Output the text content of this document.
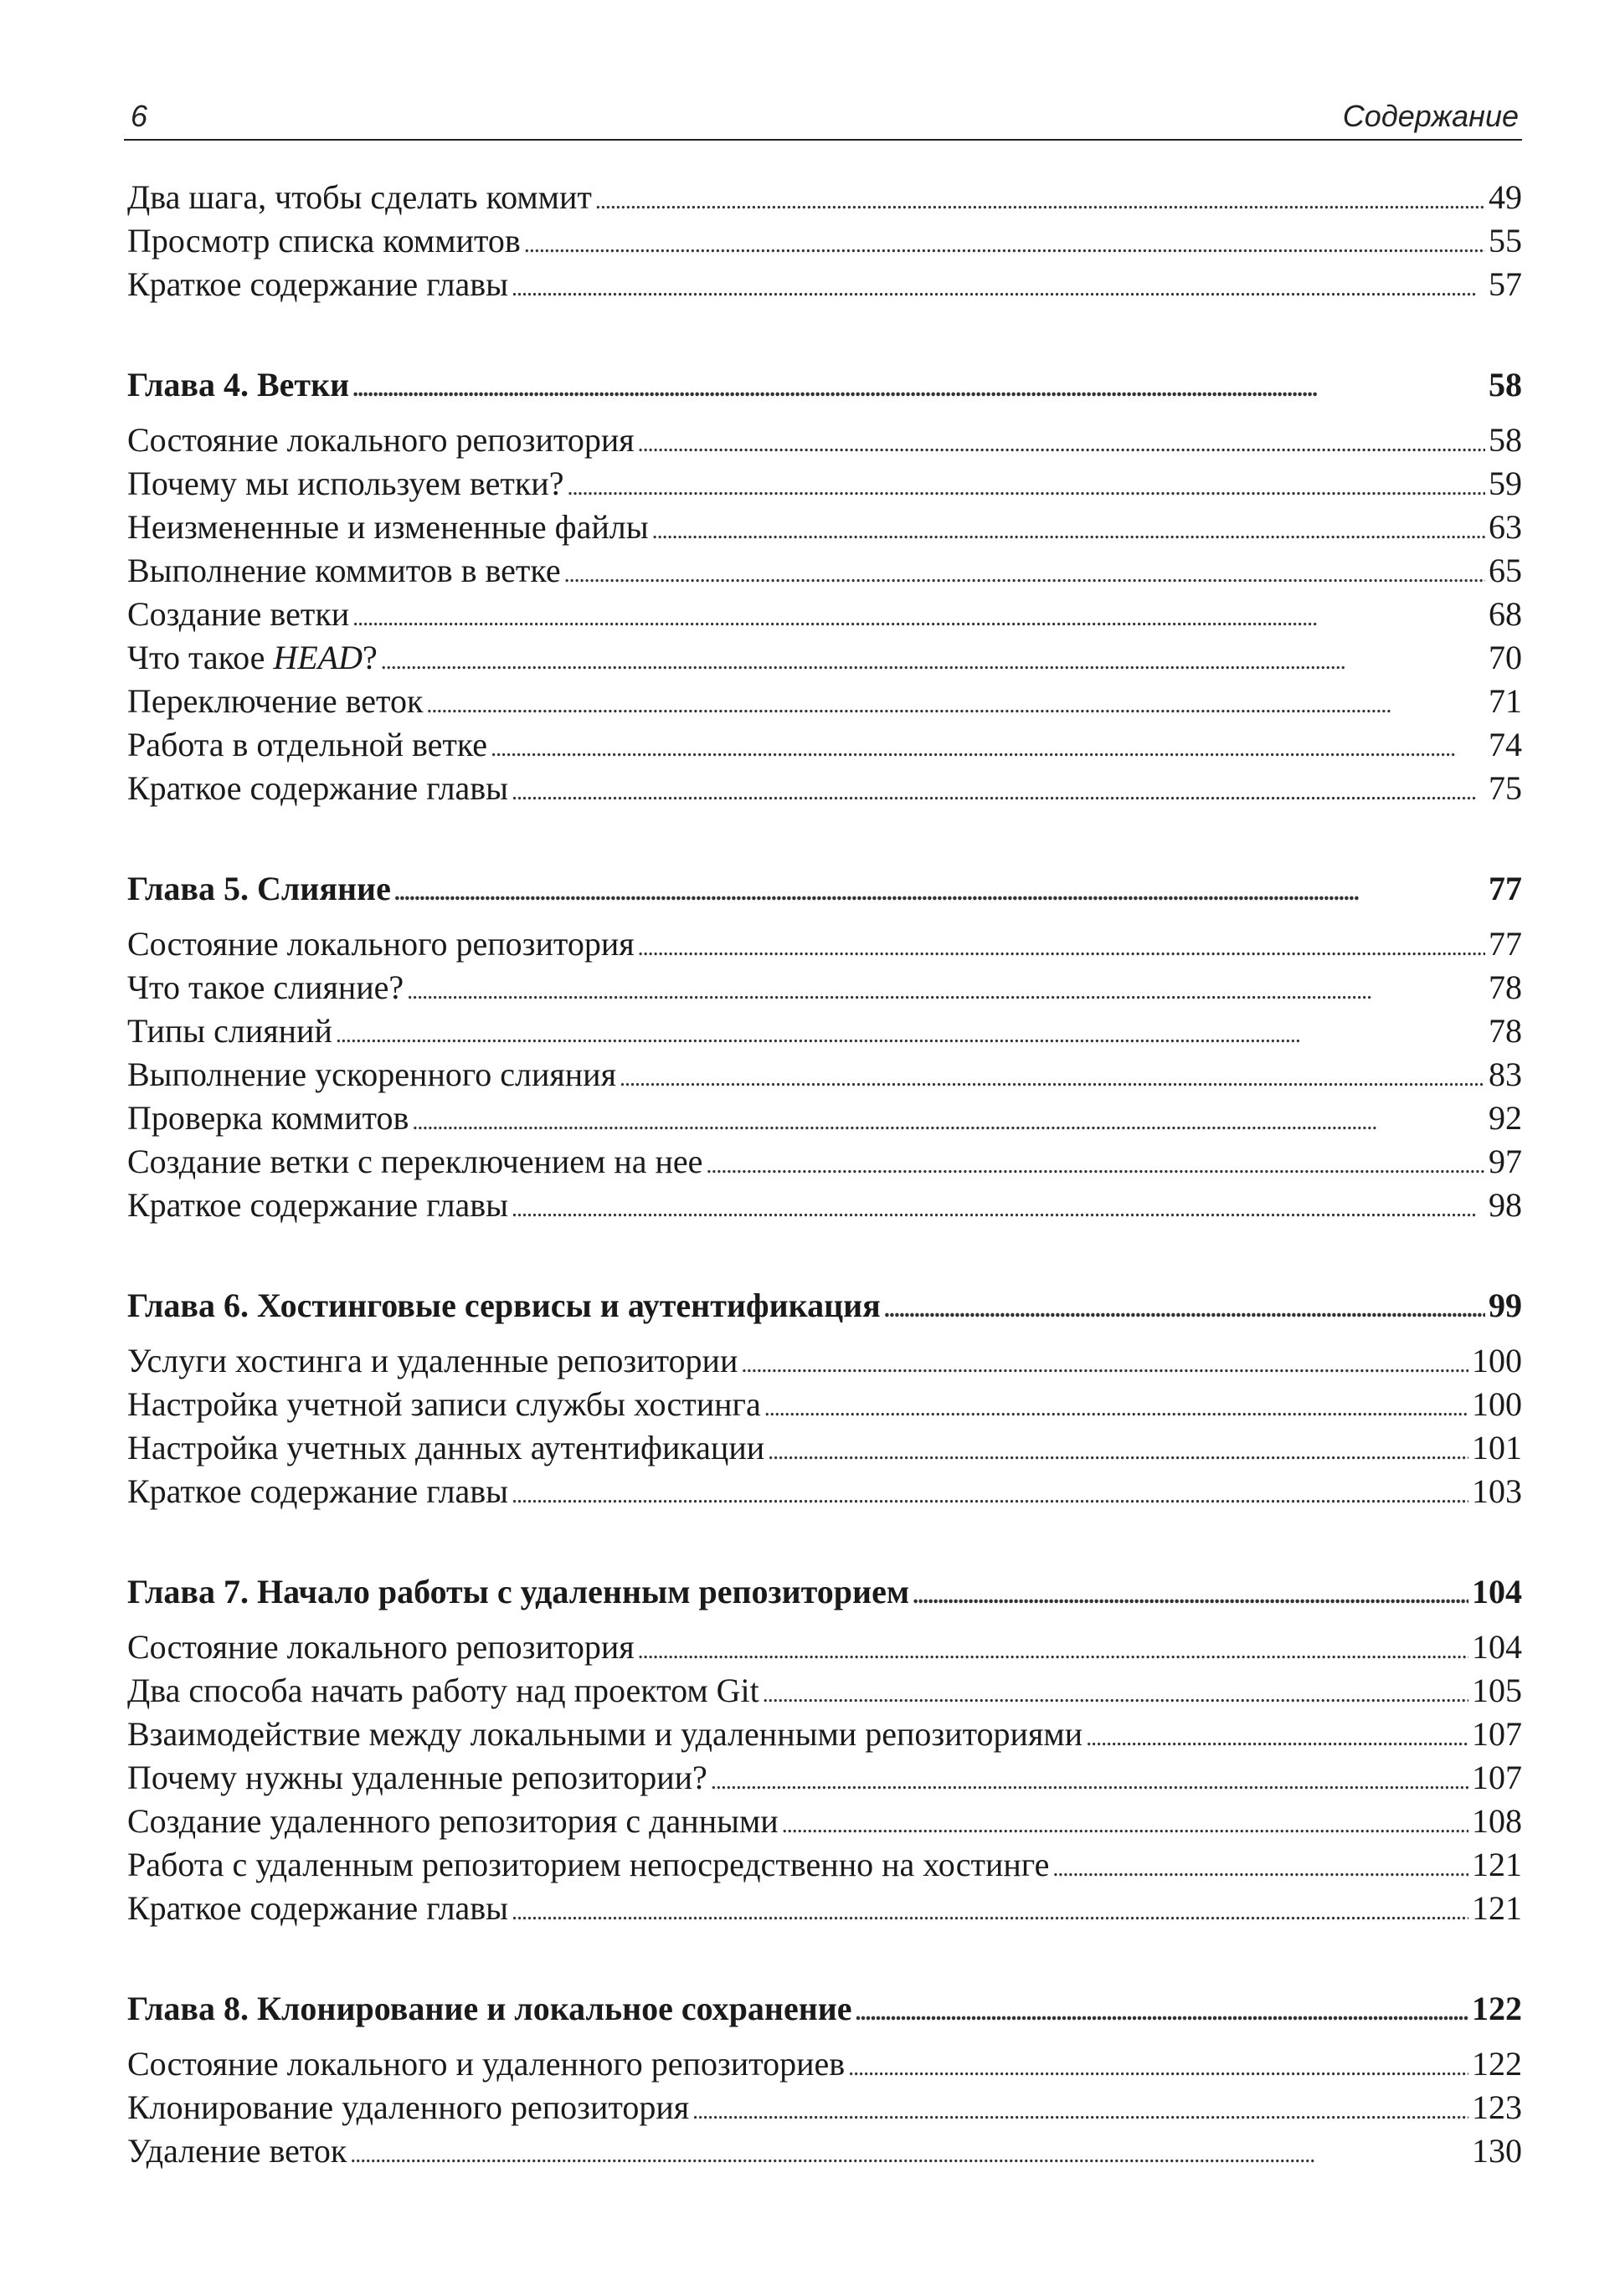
6	Содержание
Два шага, чтобы сделать коммит . . .	49
Просмотр списка коммитов . . .	55
Краткое содержание главы . . .	57
Глава 4. Ветки . . .	58
Состояние локального репозитория . . .	58
Почему мы используем ветки? . . .	59
Неизмененные и измененные файлы . . .	63
Выполнение коммитов в ветке . . .	65
Создание ветки . . .	68
Что такое HEAD? . . .	70
Переключение веток . . .	71
Работа в отдельной ветке . . .	74
Краткое содержание главы . . .	75
Глава 5. Слияние . . .	77
Состояние локального репозитория . . .	77
Что такое слияние? . . .	78
Типы слияний . . .	78
Выполнение ускоренного слияния . . .	83
Проверка коммитов . . .	92
Создание ветки с переключением на нее . . .	97
Краткое содержание главы . . .	98
Глава 6. Хостинговые сервисы и аутентификация . . .	99
Услуги хостинга и удаленные репозитории . . .	100
Настройка учетной записи службы хостинга . . .	100
Настройка учетных данных аутентификации . . .	101
Краткое содержание главы . . .	103
Глава 7. Начало работы с удаленным репозиторием . . .	104
Состояние локального репозитория . . .	104
Два способа начать работу над проектом Git . . .	105
Взаимодействие между локальными и удаленными репозиториями . . .	107
Почему нужны удаленные репозитории? . . .	107
Создание удаленного репозитория с данными . . .	108
Работа с удаленным репозиторием непосредственно на хостинге . . .	121
Краткое содержание главы . . .	121
Глава 8. Клонирование и локальное сохранение . . .	122
Состояние локального и удаленного репозиториев . . .	122
Клонирование удаленного репозитория . . .	123
Удаление веток . . .	130
